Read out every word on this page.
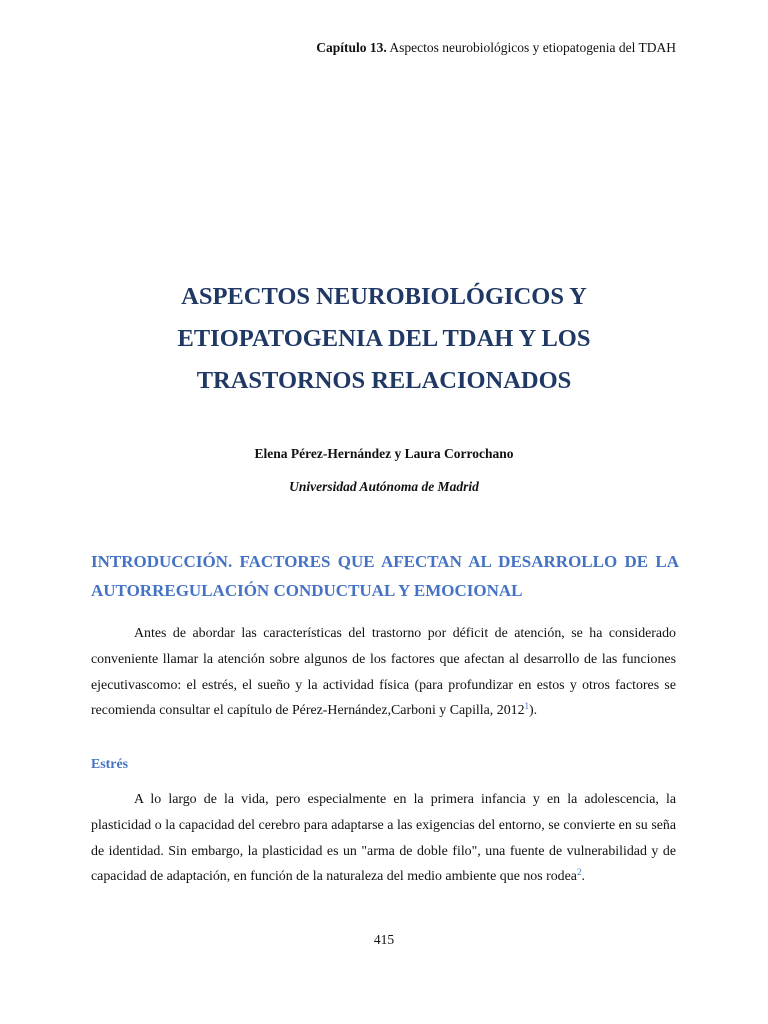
Capítulo 13. Aspectos neurobiológicos y etiopatogenia del TDAH
ASPECTOS NEUROBIOLÓGICOS Y
ETIOPATOGENIA DEL TDAH Y LOS
TRASTORNOS RELACIONADOS
Elena Pérez-Hernández y Laura Corrochano
Universidad Autónoma de Madrid
INTRODUCCIÓN. FACTORES QUE AFECTAN AL DESARROLLO DE LA AUTORREGULACIÓN CONDUCTUAL Y EMOCIONAL

Antes de abordar las características del trastorno por déficit de atención, se ha considerado conveniente llamar la atención sobre algunos de los factores que afectan al desarrollo de las funciones ejecutivascomo: el estrés, el sueño y la actividad física (para profundizar en estos y otros factores se recomienda consultar el capítulo de Pérez-Hernández,Carboni y Capilla, 2012$^1$).

Estrés

A lo largo de la vida, pero especialmente en la primera infancia y en la adolescencia, la plasticidad o la capacidad del cerebro para adaptarse a las exigencias del entorno, se convierte en su seña de identidad. Sin embargo, la plasticidad es un "arma de doble filo", una fuente de vulnerabilidad y de capacidad de adaptación, en función de la naturaleza del medio ambiente que nos rodea$^2$.

415
